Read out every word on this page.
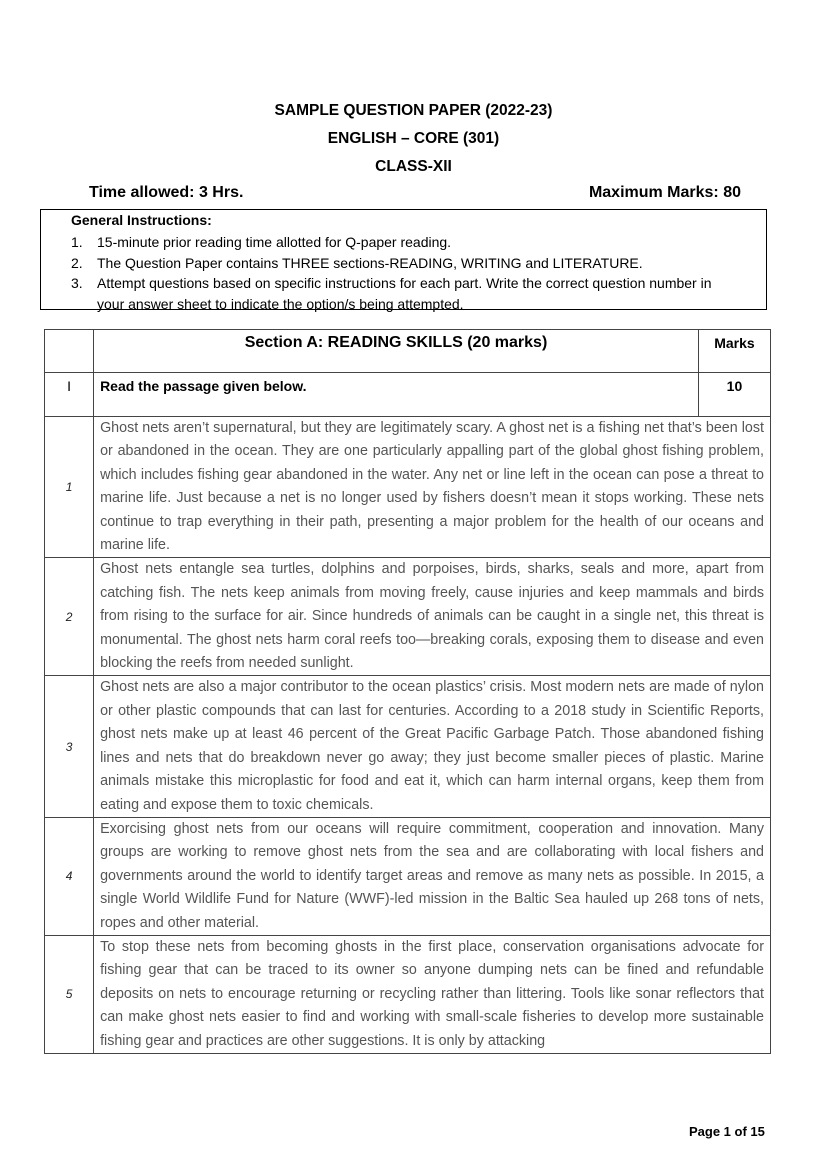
SAMPLE QUESTION PAPER (2022-23)
ENGLISH – CORE (301)
CLASS-XII
Time allowed: 3 Hrs.	Maximum Marks: 80
General Instructions:
1. 15-minute prior reading time allotted for Q-paper reading.
2. The Question Paper contains THREE sections-READING, WRITING and LITERATURE.
3. Attempt questions based on specific instructions for each part. Write the correct question number in your answer sheet to indicate the option/s being attempted.
	Section A: READING SKILLS (20 marks)	Marks
I	Read the passage given below.	10
1	Ghost nets aren’t supernatural, but they are legitimately scary. A ghost net is a fishing net that’s been lost or abandoned in the ocean. They are one particularly appalling part of the global ghost fishing problem, which includes fishing gear abandoned in the water. Any net or line left in the ocean can pose a threat to marine life. Just because a net is no longer used by fishers doesn’t mean it stops working. These nets continue to trap everything in their path, presenting a major problem for the health of our oceans and marine life.	
2	Ghost nets entangle sea turtles, dolphins and porpoises, birds, sharks, seals and more, apart from catching fish. The nets keep animals from moving freely, cause injuries and keep mammals and birds from rising to the surface for air. Since hundreds of animals can be caught in a single net, this threat is monumental. The ghost nets harm coral reefs too—breaking corals, exposing them to disease and even blocking the reefs from needed sunlight.	
3	Ghost nets are also a major contributor to the ocean plastics’ crisis. Most modern nets are made of nylon or other plastic compounds that can last for centuries. According to a 2018 study in Scientific Reports, ghost nets make up at least 46 percent of the Great Pacific Garbage Patch. Those abandoned fishing lines and nets that do breakdown never go away; they just become smaller pieces of plastic. Marine animals mistake this microplastic for food and eat it, which can harm internal organs, keep them from eating and expose them to toxic chemicals.	
4	Exorcising ghost nets from our oceans will require commitment, cooperation and innovation. Many groups are working to remove ghost nets from the sea and are collaborating with local fishers and governments around the world to identify target areas and remove as many nets as possible. In 2015, a single World Wildlife Fund for Nature (WWF)-led mission in the Baltic Sea hauled up 268 tons of nets, ropes and other material.	
5	To stop these nets from becoming ghosts in the first place, conservation organisations advocate for fishing gear that can be traced to its owner so anyone dumping nets can be fined and refundable deposits on nets to encourage returning or recycling rather than littering. Tools like sonar reflectors that can make ghost nets easier to find and working with small-scale fisheries to develop more sustainable fishing gear and practices are other suggestions. It is only by attacking	
Page 1 of 15
